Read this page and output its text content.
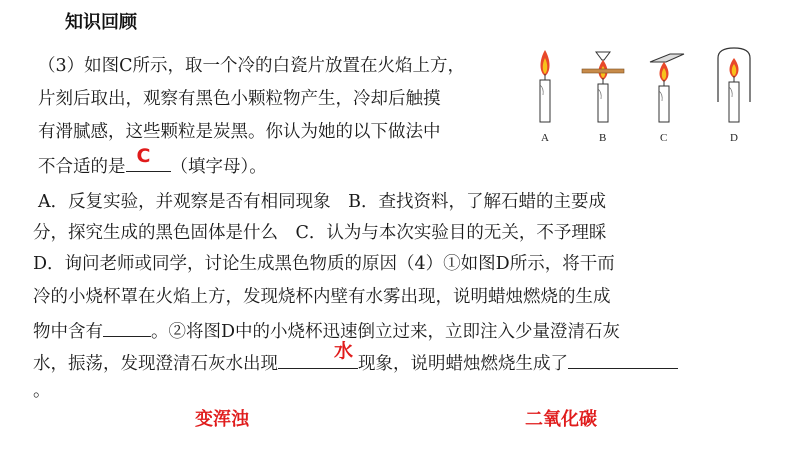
知识回顾
（3）如图C所示，取一个冷的白瓷片放置在火焰上方，
片刻后取出，观察有黑色小颗粒物产生，冷却后触摸
有滑腻感，这些颗粒是炭黑。你认为她的以下做法中
不合适的是 C （填字母）。
A．反复实验，并观察是否有相同现象　B．查找资料，了解石蜡的主要成
分，探究生成的黑色固体是什么　C．认为与本次实验目的无关，不予理睬
D．询问老师或同学，讨论生成黑色物质的原因（4）①如图D所示，将干而
冷的小烧杯罩在火焰上方，发现烧杯内壁有水雾出现，说明蜡烛燃烧的生成
物中含有	。②将图D中的小烧杯迅速倒立过来，立即注入少量澄清石灰
水，振荡，发现澄清石灰水出现
水
现象，说明蜡烛燃烧生成了
。
变浑浊	二氧化碳
A	B	C	D
